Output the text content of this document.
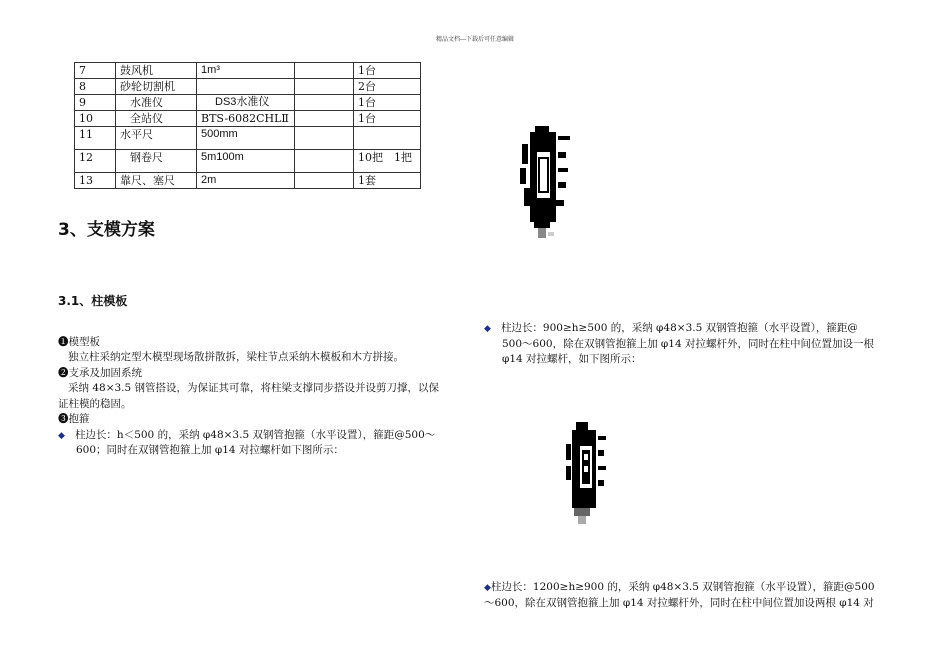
精品文档---下载后可任意编辑
7	鼓风机	1m³		1台
8	砂轮切割机			2台
9	水准仪	DS3水准仪		1台
10	全站仪	BTS-6082CHLⅡ		1台
11	水平尺	500mm		
12	钢卷尺	5m100m		10把　1把
13	靠尺、塞尺	2m		1套
3、支模方案
3.1、柱模板
❶模型板
独立柱采纳定型木模型现场散拼散拆，梁柱节点采纳木模板和木方拼接。
❷支承及加固系统
采纳 48×3.5 钢管搭设，为保证其可靠，将柱梁支撑同步搭设并设剪刀撑，以保
证柱模的稳固。
❸抱箍
◆ 柱边长：h＜500 的，采纳 φ48×3.5 双钢管抱箍（水平设置），箍距@500～
600；同时在双钢管抱箍上加 φ14 对拉螺杆如下图所示：
◆ 柱边长：900≥h≥500 的，采纳 φ48×3.5 双钢管抱箍（水平设置），箍距@
500～600，除在双钢管抱箍上加 φ14 对拉螺杆外，同时在柱中间位置加设一根
φ14 对拉螺杆，如下图所示：
◆柱边长：1200≥h≥900 的，采纳 φ48×3.5 双钢管抱箍（水平设置），箍距@500
～600，除在双钢管抱箍上加 φ14 对拉螺杆外，同时在柱中间位置加设两根 φ14 对
